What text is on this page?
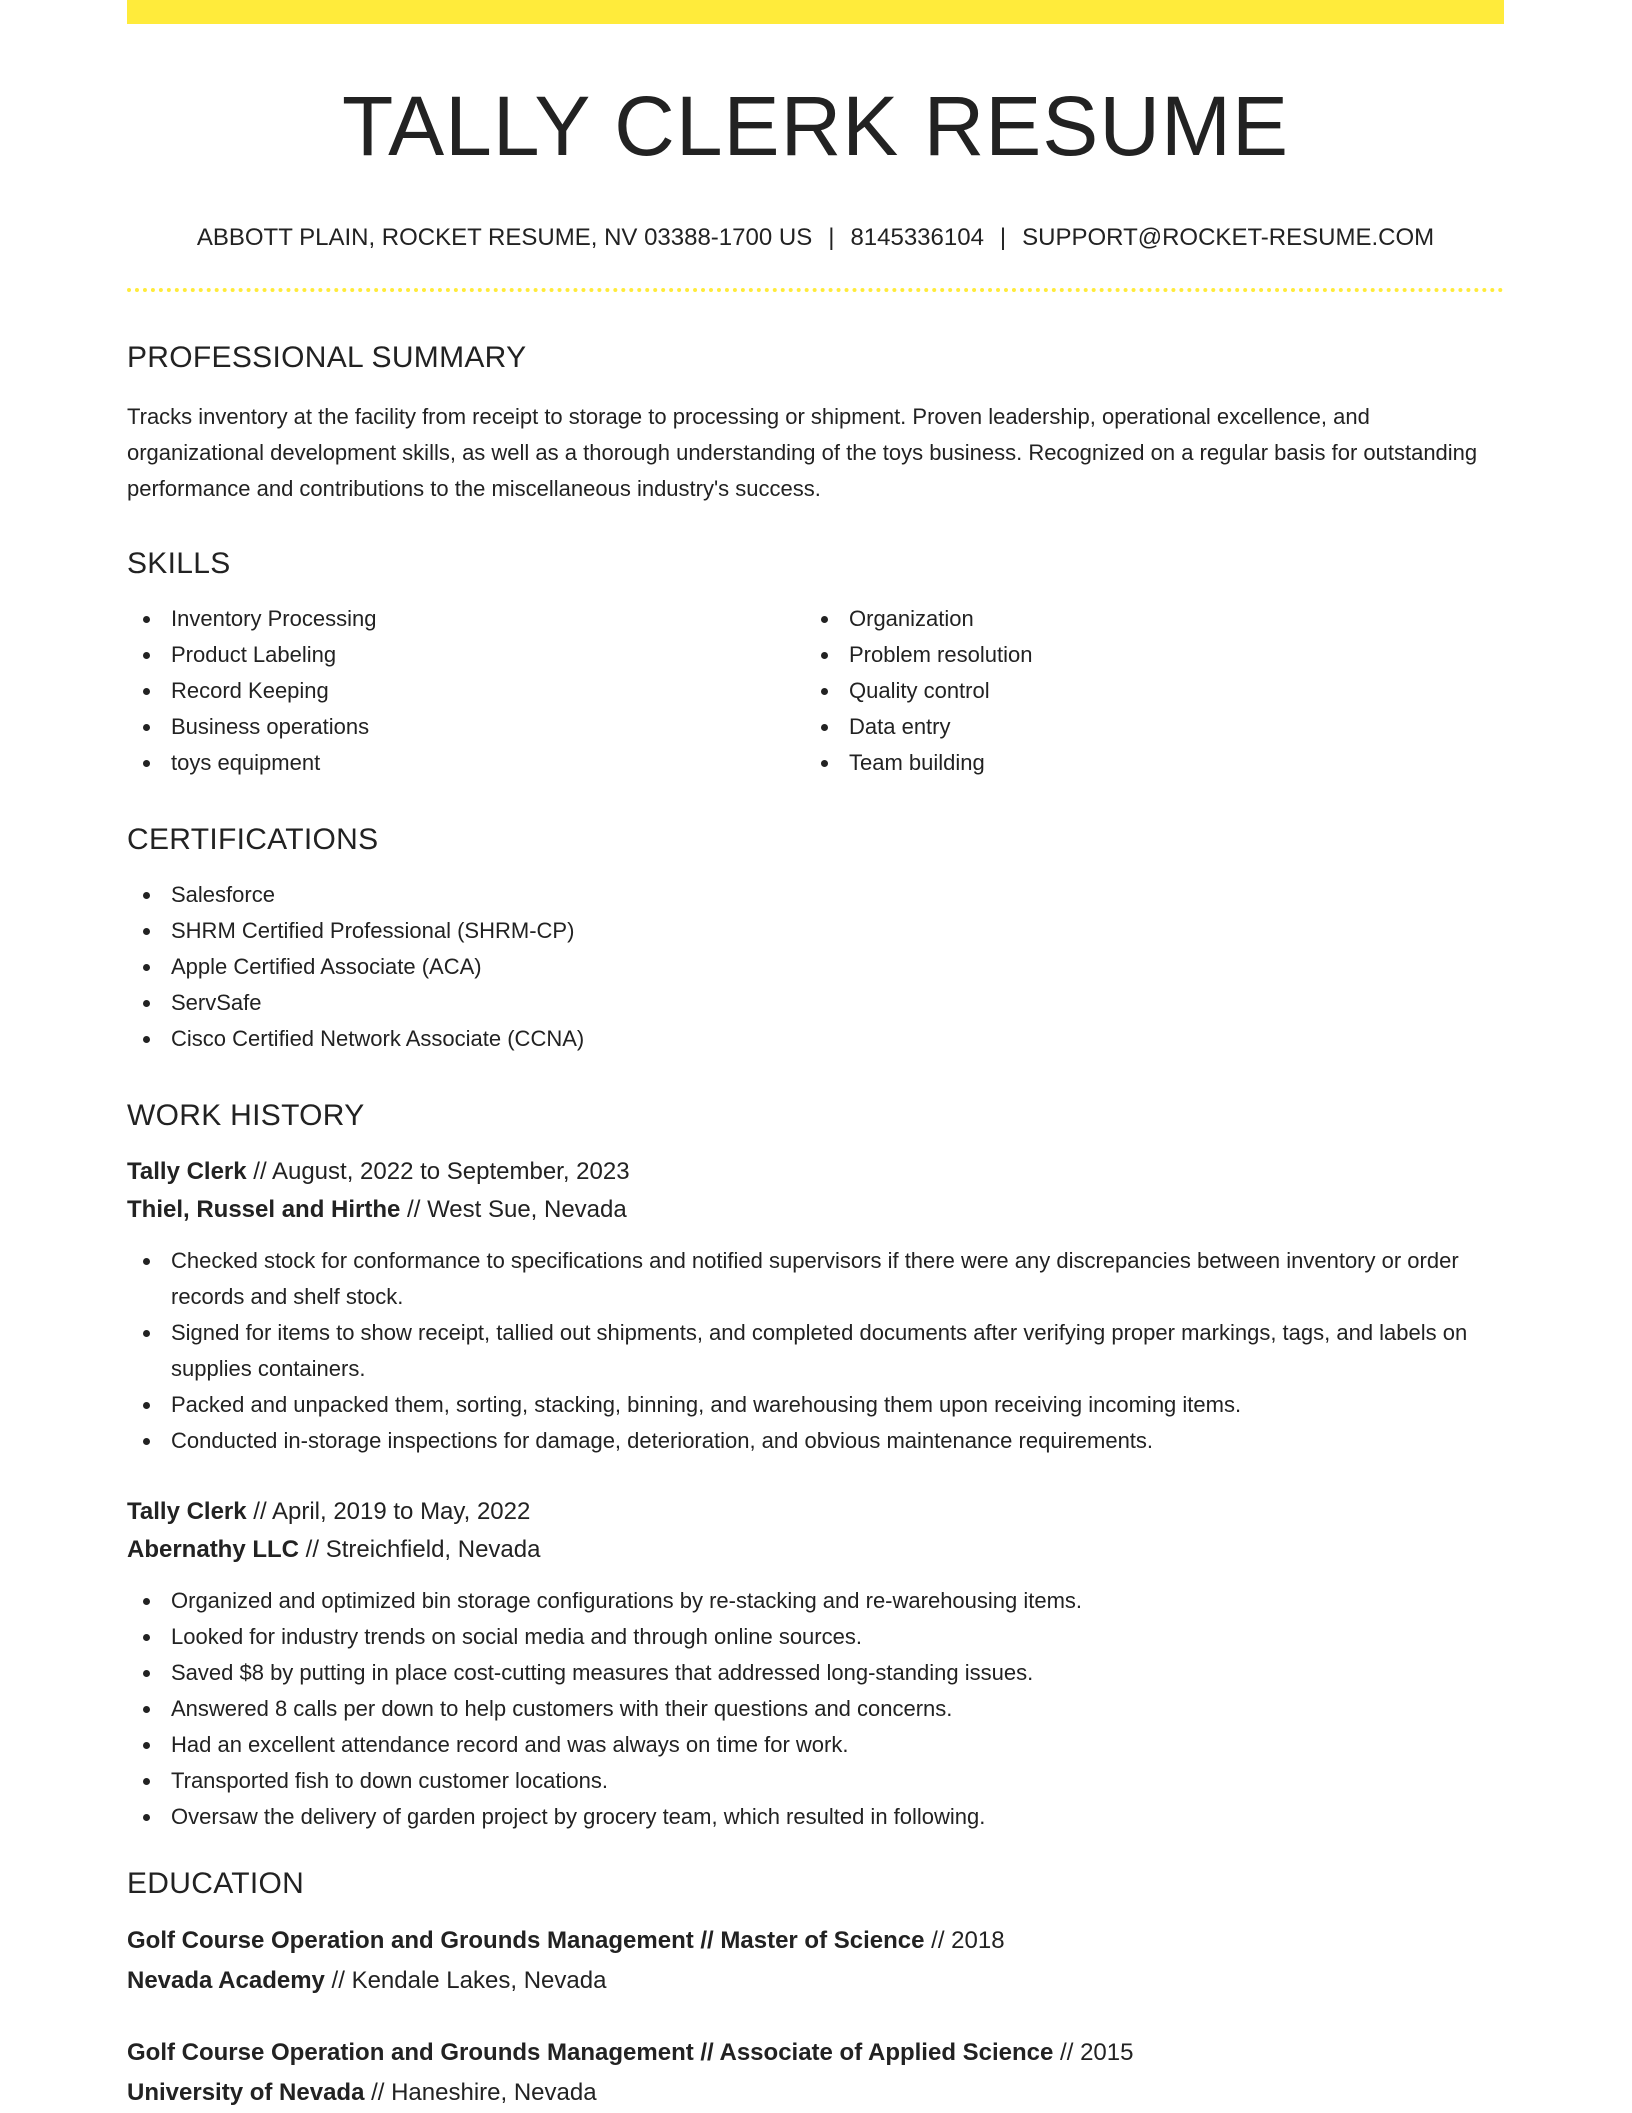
TALLY CLERK RESUME
ABBOTT PLAIN, ROCKET RESUME, NV 03388-1700 US | 8145336104 | SUPPORT@ROCKET-RESUME.COM
PROFESSIONAL SUMMARY

Tracks inventory at the facility from receipt to storage to processing or shipment. Proven leadership, operational excellence, and organizational development skills, as well as a thorough understanding of the toys business. Recognized on a regular basis for outstanding performance and contributions to the miscellaneous industry's success.

SKILLS
Inventory Processing
Product Labeling
Record Keeping
Business operations
toys equipment
Organization
Problem resolution
Quality control
Data entry
Team building
CERTIFICATIONS
Salesforce
SHRM Certified Professional (SHRM-CP)
Apple Certified Associate (ACA)
ServSafe
Cisco Certified Network Associate (CCNA)
WORK HISTORY
Tally Clerk // August, 2022 to September, 2023
Thiel, Russel and Hirthe // West Sue, Nevada
Checked stock for conformance to specifications and notified supervisors if there were any discrepancies between inventory or order records and shelf stock.
Signed for items to show receipt, tallied out shipments, and completed documents after verifying proper markings, tags, and labels on supplies containers.
Packed and unpacked them, sorting, stacking, binning, and warehousing them upon receiving incoming items.
Conducted in-storage inspections for damage, deterioration, and obvious maintenance requirements.
Tally Clerk // April, 2019 to May, 2022
Abernathy LLC // Streichfield, Nevada
Organized and optimized bin storage configurations by re-stacking and re-warehousing items.
Looked for industry trends on social media and through online sources.
Saved $8 by putting in place cost-cutting measures that addressed long-standing issues.
Answered 8 calls per down to help customers with their questions and concerns.
Had an excellent attendance record and was always on time for work.
Transported fish to down customer locations.
Oversaw the delivery of garden project by grocery team, which resulted in following.
EDUCATION
Golf Course Operation and Grounds Management // Master of Science // 2018
Nevada Academy // Kendale Lakes, Nevada
Golf Course Operation and Grounds Management // Associate of Applied Science // 2015
University of Nevada // Haneshire, Nevada
